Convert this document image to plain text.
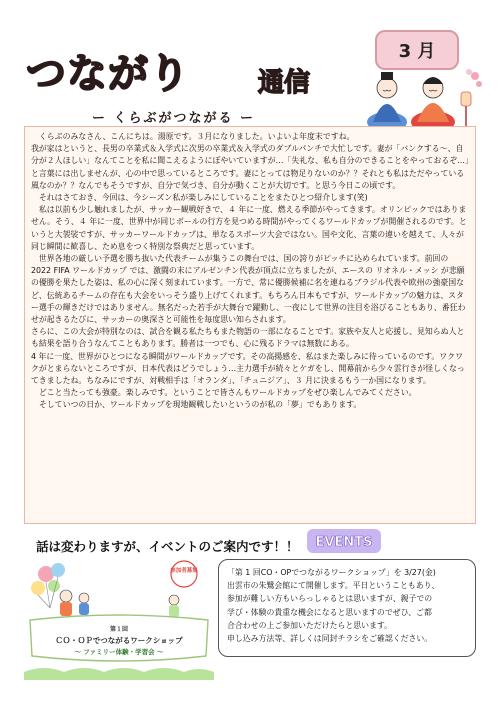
つながり	通信
ー くらぶがつながる ー
3 月

くらぶのみなさん、こんにちは。湯原です。３月になりました。いよいよ年度末ですね。

我が家はというと、長男の卒業式＆入学式に次男の卒業式＆入学式のダブルパンチで大忙しです。妻が「バンクする～、自分が２人ほしい」なんてことを私に聞こえるようにぼやいていますが…「失礼な、私も自分のできることをやっておるぞ…」と言葉には出しませんが、心の中で思っているところです。妻にとっては物足りないのか？？それとも私はただやっている風なのか？？なんでもそうですが、自分で気づき、自分が動くことが大切です。と思う今日この頃です。

それはさておき、今回は、今シーズン私が楽しみにしていることをまたひとつ紹介します(笑)

私は以前も少し触れましたが、サッカー観戦好きで、４ 年に一度、燃える季節がやってきます。オリンピックではありません。そう、４ 年に一度、世界中が同じボールの行方を見つめる時間がやってくるワールドカップが開催されるのです。というと大袈裟ですが、サッカーワールドカップは、単なるスポーツ大会ではない。国や文化、言葉の違いを越えて、人々が同じ瞬間に歓喜し、ため息をつく特別な祭典だと思っています。

世界各地の厳しい予選を勝ち抜いた代表チームが集うこの舞台では、国の誇りがピッチに込められています。前回の 2022 FIFA ワールドカップ では、激闘の末にアルゼンチン代表が頂点に立ちましたが、エースの リオネル・メッシ が悲願の優勝を果たした姿は、私の心に深く刻まれています。一方で、常に優勝候補に名を連ねるブラジル代表や欧州の強豪国など、伝統あるチームの存在も大会をいっそう盛り上げてくれます。もちろん日本もですが、ワールドカップの魅力は、スター選手の輝きだけではありません。無名だった若手が大舞台で躍動し、一夜にして世界の注目を浴びることもあり、番狂わせが起きるたびに、サッカーの奥深さと可能性を毎度思い知らされます。

さらに、この大会が特別なのは、試合を観る私たちもまた物語の一部になることです。家族や友人と応援し、見知らぬ人とも結果を語り合うなんてこともあります。勝者は一つでも、心に残るドラマは無数にある。

4 年に一度、世界がひとつになる瞬間がワールドカップです。その高揚感を、私はまた楽しみに待っているのです。ワクワクがとまらないところですが、日本代表はどうでしょう…主力選手が続々とケガをし、開幕前から少々雲行きが怪しくなってきましたね。ちなみにですが、対戦相手は「オランダ」、「チュニジア」、３ 月に決まるもう一か国になります。

どこと当たっても強豪。楽しみです。ということで皆さんもワールドカップをぜひ楽しんでみてください。

そしていつの日か、ワールドカップを現地観戦したいというのが私の「夢」でもあります。

話は変わりますが、イベントのご案内です！！ EVENTS
参加者募集
第１回
ＣＯ・ＯＰでつながるワークショップ
～ ファミリー体験・学習会 ～

「第 1 回CO・OPでつながるワークショップ」を 3/27(金)

出雲市の朱鷺会館にて開催します。平日ということもあり、

参加が難しい方もいらっしゃるとは思いますが、親子での

学び・体験の貴重な機会になると思いますのでぜひ、ご都

合合わせの上ご参加いただけたらと思います。

申し込み方法等、詳しくは同封チラシをご確認ください。
